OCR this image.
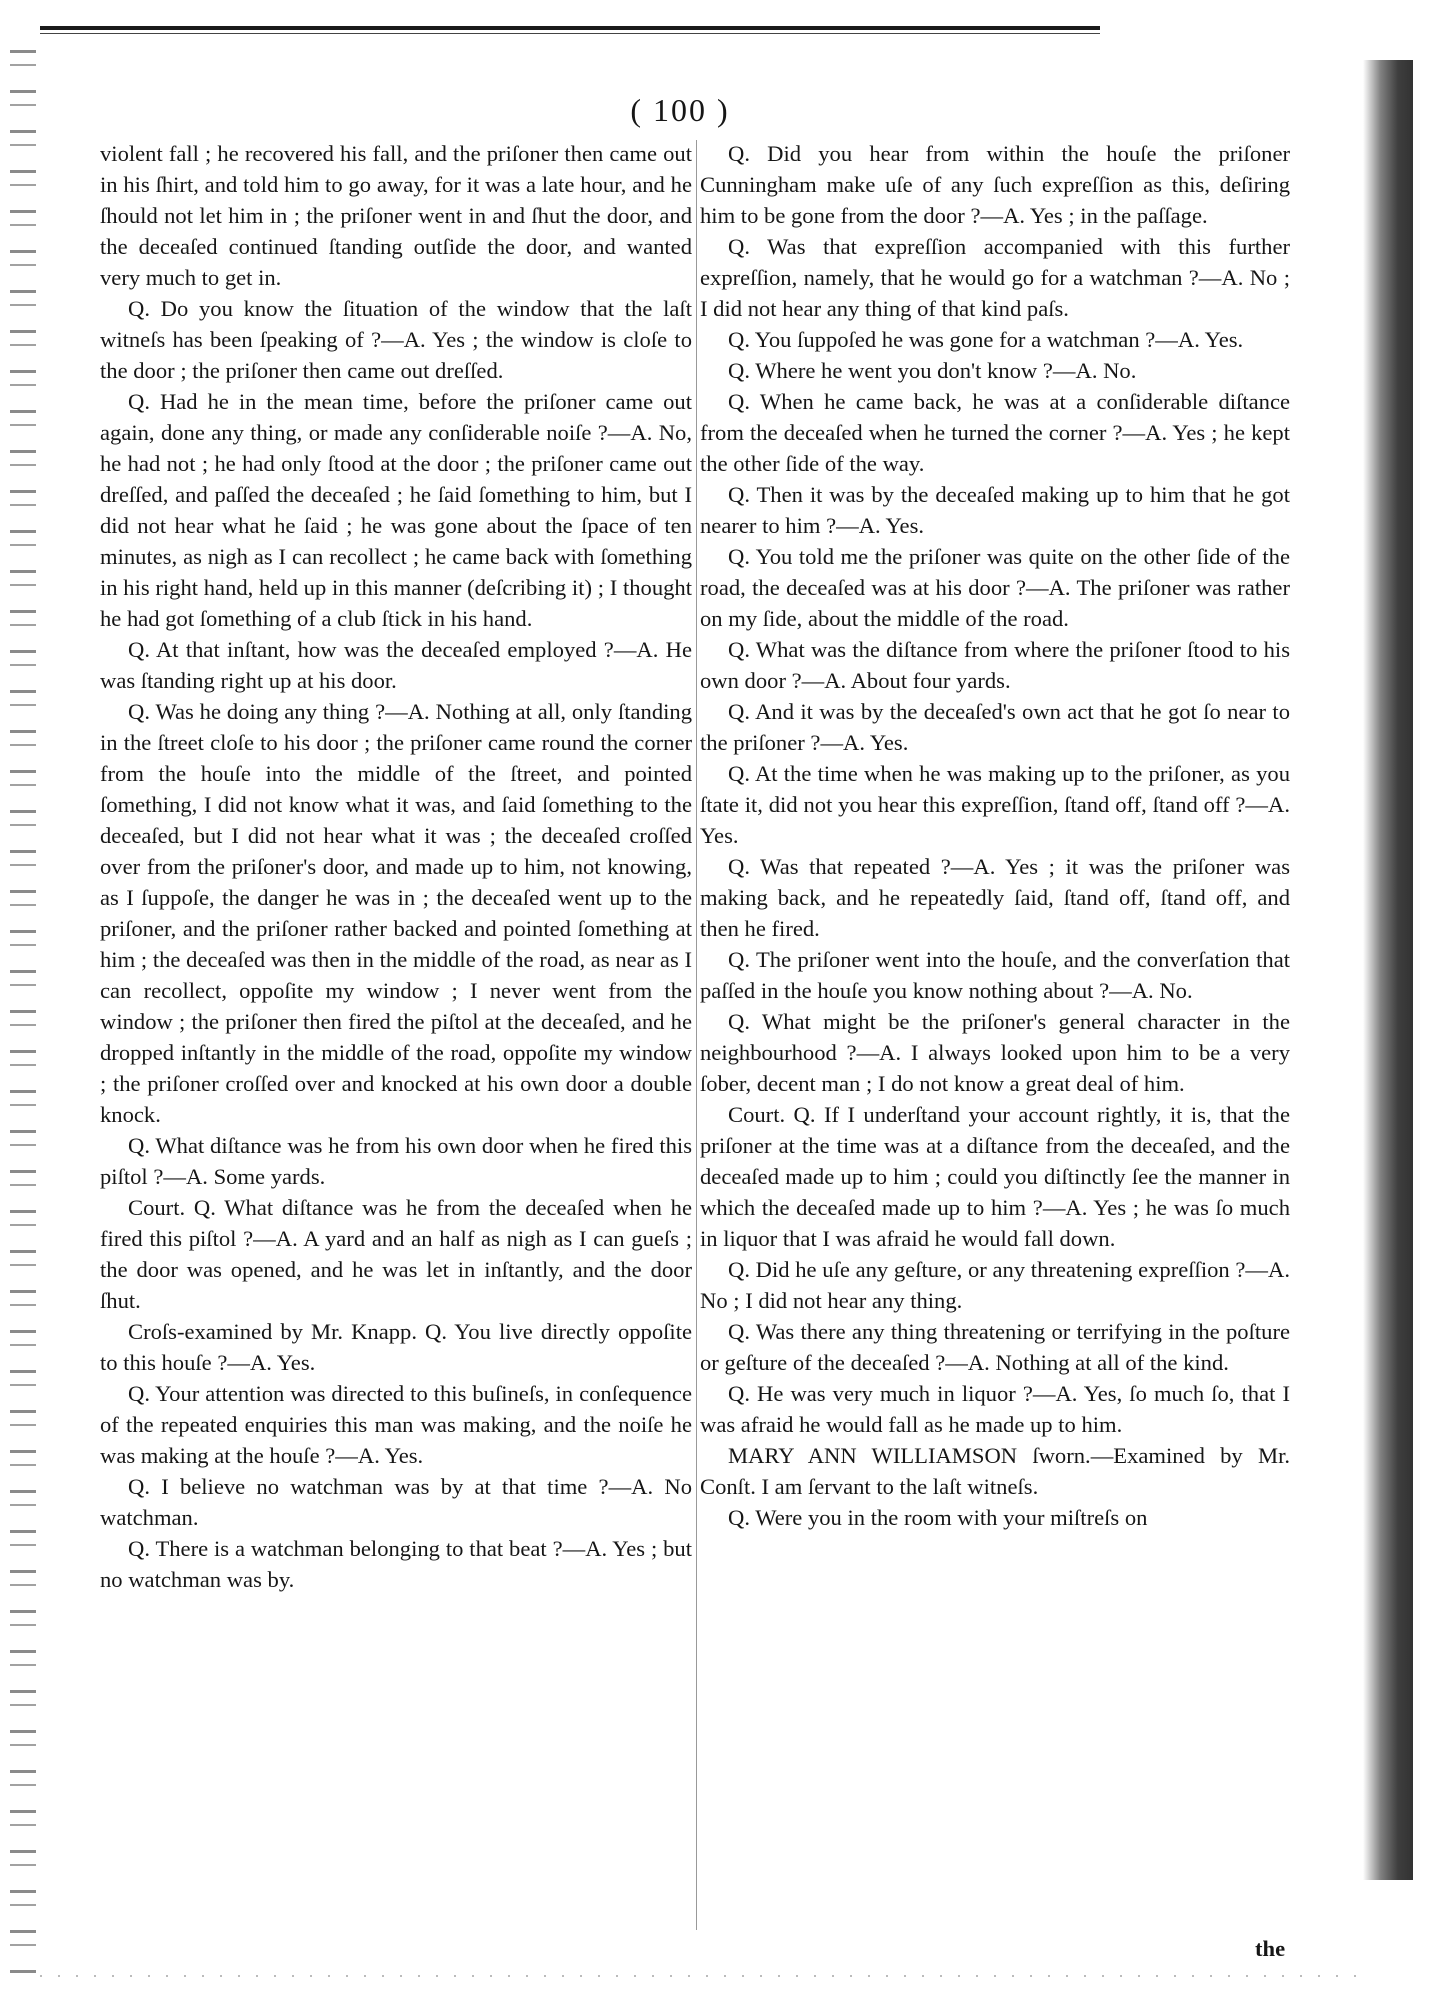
( 100 )

violent fall ; he recovered his fall, and the priſoner then came out in his ſhirt, and told him to go away, for it was a late hour, and he ſhould not let him in ; the priſoner went in and ſhut the door, and the deceaſed continued ſtanding outſide the door, and wanted very much to get in.

Q. Do you know the ſituation of the window that the laſt witneſs has been ſpeaking of ?—A. Yes ; the window is cloſe to the door ; the priſoner then came out dreſſed.

Q. Had he in the mean time, before the priſoner came out again, done any thing, or made any conſiderable noiſe ?—A. No, he had not ; he had only ſtood at the door ; the priſoner came out dreſſed, and paſſed the deceaſed ; he ſaid ſomething to him, but I did not hear what he ſaid ; he was gone about the ſpace of ten minutes, as nigh as I can recollect ; he came back with ſomething in his right hand, held up in this manner (deſcribing it) ; I thought he had got ſomething of a club ſtick in his hand.

Q. At that inſtant, how was the deceaſed employed ?—A. He was ſtanding right up at his door.

Q. Was he doing any thing ?—A. Nothing at all, only ſtanding in the ſtreet cloſe to his door ; the priſoner came round the corner from the houſe into the middle of the ſtreet, and pointed ſomething, I did not know what it was, and ſaid ſomething to the deceaſed, but I did not hear what it was ; the deceaſed croſſed over from the priſoner's door, and made up to him, not knowing, as I ſuppoſe, the danger he was in ; the deceaſed went up to the priſoner, and the priſoner rather backed and pointed ſomething at him ; the deceaſed was then in the middle of the road, as near as I can recollect, oppoſite my window ; I never went from the window ; the priſoner then fired the piſtol at the deceaſed, and he dropped inſtantly in the middle of the road, oppoſite my window ; the priſoner croſſed over and knocked at his own door a double knock.

Q. What diſtance was he from his own door when he fired this piſtol ?—A. Some yards.

Court. Q. What diſtance was he from the deceaſed when he fired this piſtol ?—A. A yard and an half as nigh as I can gueſs ; the door was opened, and he was let in inſtantly, and the door ſhut.

Croſs-examined by Mr. Knapp. Q. You live directly oppoſite to this houſe ?—A. Yes.

Q. Your attention was directed to this buſineſs, in conſequence of the repeated enquiries this man was making, and the noiſe he was making at the houſe ?—A. Yes.

Q. I believe no watchman was by at that time ?—A. No watchman.

Q. There is a watchman belonging to that beat ?—A. Yes ; but no watchman was by.

Q. Did you hear from within the houſe the priſoner Cunningham make uſe of any ſuch expreſſion as this, deſiring him to be gone from the door ?—A. Yes ; in the paſſage.

Q. Was that expreſſion accompanied with this further expreſſion, namely, that he would go for a watchman ?—A. No ; I did not hear any thing of that kind paſs.

Q. You ſuppoſed he was gone for a watchman ?—A. Yes.

Q. Where he went you don't know ?—A. No.

Q. When he came back, he was at a conſiderable diſtance from the deceaſed when he turned the corner ?—A. Yes ; he kept the other ſide of the way.

Q. Then it was by the deceaſed making up to him that he got nearer to him ?—A. Yes.

Q. You told me the priſoner was quite on the other ſide of the road, the deceaſed was at his door ?—A. The priſoner was rather on my ſide, about the middle of the road.

Q. What was the diſtance from where the priſoner ſtood to his own door ?—A. About four yards.

Q. And it was by the deceaſed's own act that he got ſo near to the priſoner ?—A. Yes.

Q. At the time when he was making up to the priſoner, as you ſtate it, did not you hear this expreſſion, ſtand off, ſtand off ?—A. Yes.

Q. Was that repeated ?—A. Yes ; it was the priſoner was making back, and he repeatedly ſaid, ſtand off, ſtand off, and then he fired.

Q. The priſoner went into the houſe, and the converſation that paſſed in the houſe you know nothing about ?—A. No.

Q. What might be the priſoner's general character in the neighbourhood ?—A. I always looked upon him to be a very ſober, decent man ; I do not know a great deal of him.

Court. Q. If I underſtand your account rightly, it is, that the priſoner at the time was at a diſtance from the deceaſed, and the deceaſed made up to him ; could you diſtinctly ſee the manner in which the deceaſed made up to him ?—A. Yes ; he was ſo much in liquor that I was afraid he would fall down.

Q. Did he uſe any geſture, or any threatening expreſſion ?—A. No ; I did not hear any thing.

Q. Was there any thing threatening or terrifying in the poſture or geſture of the deceaſed ?—A. Nothing at all of the kind.

Q. He was very much in liquor ?—A. Yes, ſo much ſo, that I was afraid he would fall as he made up to him.

MARY ANN WILLIAMSON ſworn.—Examined by Mr. Conſt. I am ſervant to the laſt witneſs.

Q. Were you in the room with your miſtreſs on

the
